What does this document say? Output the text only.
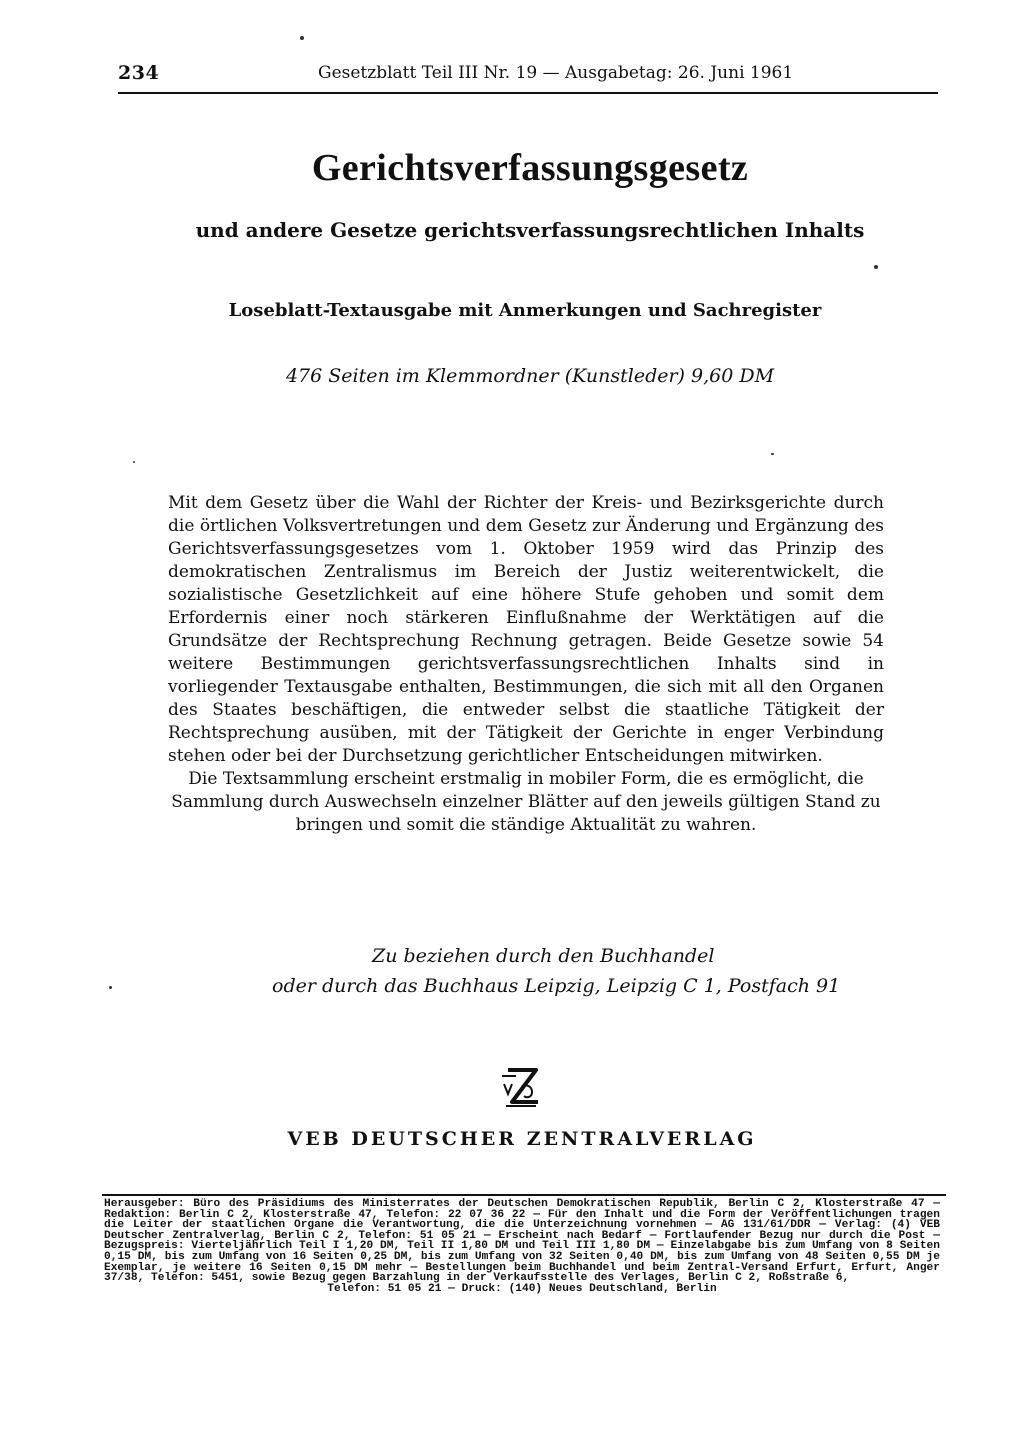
234	Gesetzblatt Teil III Nr. 19 — Ausgabetag: 26. Juni 1961
Gerichtsverfassungsgesetz
und andere Gesetze gerichtsverfassungsrechtlichen Inhalts
Loseblatt-Textausgabe mit Anmerkungen und Sachregister
476 Seiten im Klemmordner (Kunstleder) 9,60 DM

Mit dem Gesetz über die Wahl der Richter der Kreis- und Bezirksgerichte durch die örtlichen Volksvertretungen und dem Gesetz zur Änderung und Ergänzung des Gerichtsverfassungsgesetzes vom 1. Oktober 1959 wird das Prinzip des demokratischen Zentralismus im Bereich der Justiz weiterentwickelt, die sozialistische Gesetzlichkeit auf eine höhere Stufe gehoben und somit dem Erfordernis einer noch stärkeren Einflußnahme der Werktätigen auf die Grundsätze der Rechtsprechung Rechnung getragen. Beide Gesetze sowie 54 weitere Bestimmungen gerichtsverfassungsrechtlichen Inhalts sind in vorliegender Textausgabe enthalten, Bestimmungen, die sich mit all den Organen des Staates beschäftigen, die entweder selbst die staatliche Tätigkeit der Rechtsprechung ausüben, mit der Tätigkeit der Gerichte in enger Verbindung stehen oder bei der Durchsetzung gerichtlicher Entscheidungen mitwirken.

Die Textsammlung erscheint erstmalig in mobiler Form, die es ermöglicht, die Sammlung durch Auswechseln einzelner Blätter auf den jeweils gültigen Stand zu bringen und somit die ständige Aktualität zu wahren.

Zu beziehen durch den Buchhandel
oder durch das Buchhaus Leipzig, Leipzig C 1, Postfach 91
VEB DEUTSCHER ZENTRALVERLAG

Herausgeber: Büro des Präsidiums des Ministerrates der Deutschen Demokratischen Republik, Berlin C 2, Klosterstraße 47 — Redaktion: Berlin C 2, Klosterstraße 47, Telefon: 22 07 36 22 — Für den Inhalt und die Form der Veröffentlichungen tragen die Leiter der staatlichen Organe die Verantwortung, die die Unterzeichnung vornehmen — AG 131/61/DDR — Verlag: (4) VEB Deutscher Zentralverlag, Berlin C 2, Telefon: 51 05 21 — Erscheint nach Bedarf — Fortlaufender Bezug nur durch die Post — Bezugspreis: Vierteljährlich Teil I 1,20 DM, Teil II 1,80 DM und Teil III 1,80 DM — Einzelabgabe bis zum Umfang von 8 Seiten 0,15 DM, bis zum Umfang von 16 Seiten 0,25 DM, bis zum Umfang von 32 Seiten 0,40 DM, bis zum Umfang von 48 Seiten 0,55 DM je Exemplar, je weitere 16 Seiten 0,15 DM mehr — Bestellungen beim Buchhandel und beim Zentral-Versand Erfurt, Erfurt, Anger 37/38, Telefon: 5451, sowie Bezug gegen Barzahlung in der Verkaufsstelle des Verlages, Berlin C 2, Roßstraße 6,

Telefon: 51 05 21 — Druck: (140) Neues Deutschland, Berlin
